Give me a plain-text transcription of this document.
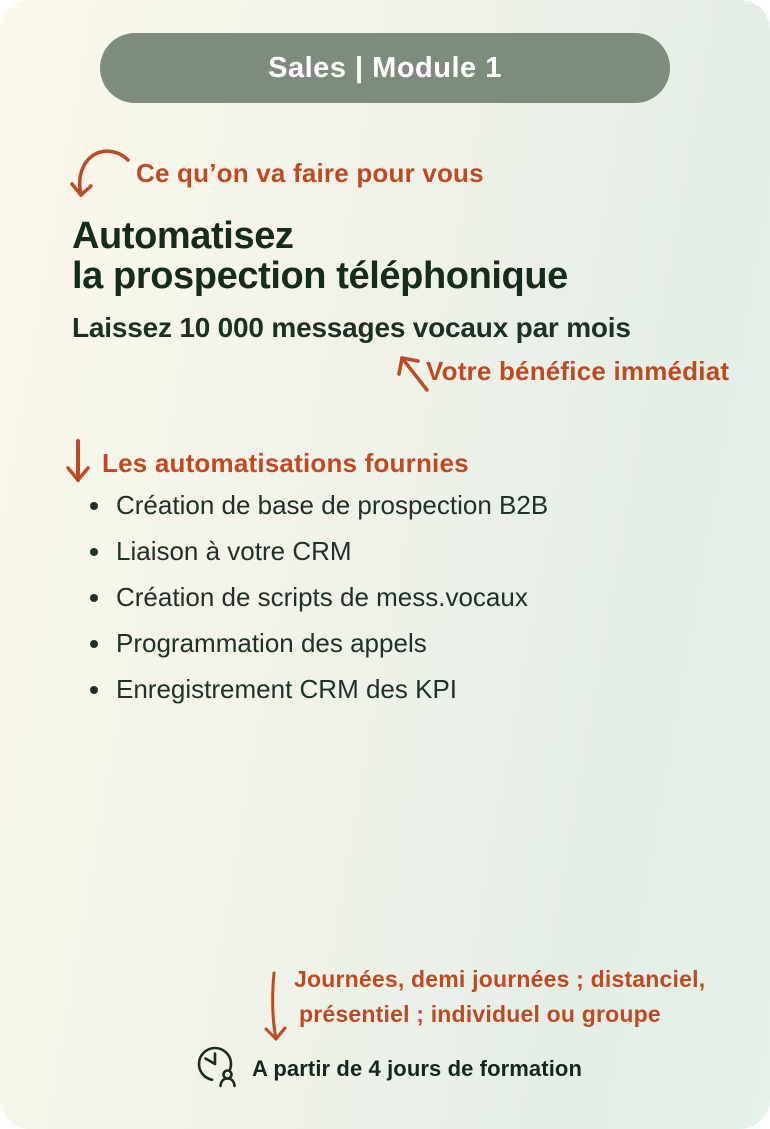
Sales | Module 1
Ce qu’on va faire pour vous
Automatisez
la prospection téléphonique
Laissez 10 000 messages vocaux par mois
Votre bénéfice immédiat
Les automatisations fournies
Création de base de prospection B2B
Liaison à votre CRM
Création de scripts de mess.vocaux
Programmation des appels
Enregistrement CRM des KPI
Journées, demi journées ; distanciel,
présentiel ; individuel ou groupe
A partir de 4 jours de formation
